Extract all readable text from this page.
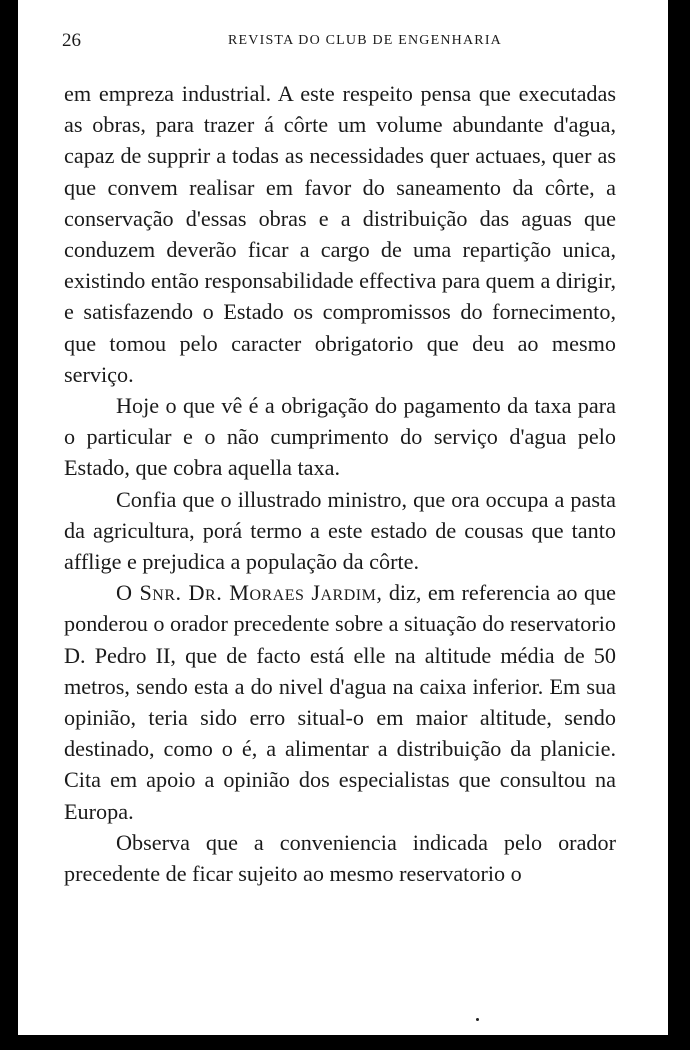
26	REVISTA DO CLUB DE ENGENHARIA

em empreza industrial. A este respeito pensa que executadas as obras, para trazer á côrte um volume abundante d'agua, capaz de supprir a todas as necessidades quer actuaes, quer as que convem realisar em favor do saneamento da côrte, a conservação d'essas obras e a distribuição das aguas que conduzem deverão ficar a cargo de uma repartição unica, existindo então responsabilidade effectiva para quem a dirigir, e satisfazendo o Estado os compromissos do fornecimento, que tomou pelo caracter obrigatorio que deu ao mesmo serviço.

Hoje o que vê é a obrigação do pagamento da taxa para o particular e o não cumprimento do serviço d'agua pelo Estado, que cobra aquella taxa.

Confia que o illustrado ministro, que ora occupa a pasta da agricultura, porá termo a este estado de cousas que tanto afflige e prejudica a população da côrte.

O Snr. Dr. Moraes Jardim, diz, em referencia ao que ponderou o orador precedente sobre a situação do reservatorio D. Pedro II, que de facto está elle na altitude média de 50 metros, sendo esta a do nivel d'agua na caixa inferior. Em sua opinião, teria sido erro situal-o em maior altitude, sendo destinado, como o é, a alimentar a distribuição da planicie. Cita em apoio a opinião dos especialistas que consultou na Europa.

Observa que a conveniencia indicada pelo orador precedente de ficar sujeito ao mesmo reservatorio o
